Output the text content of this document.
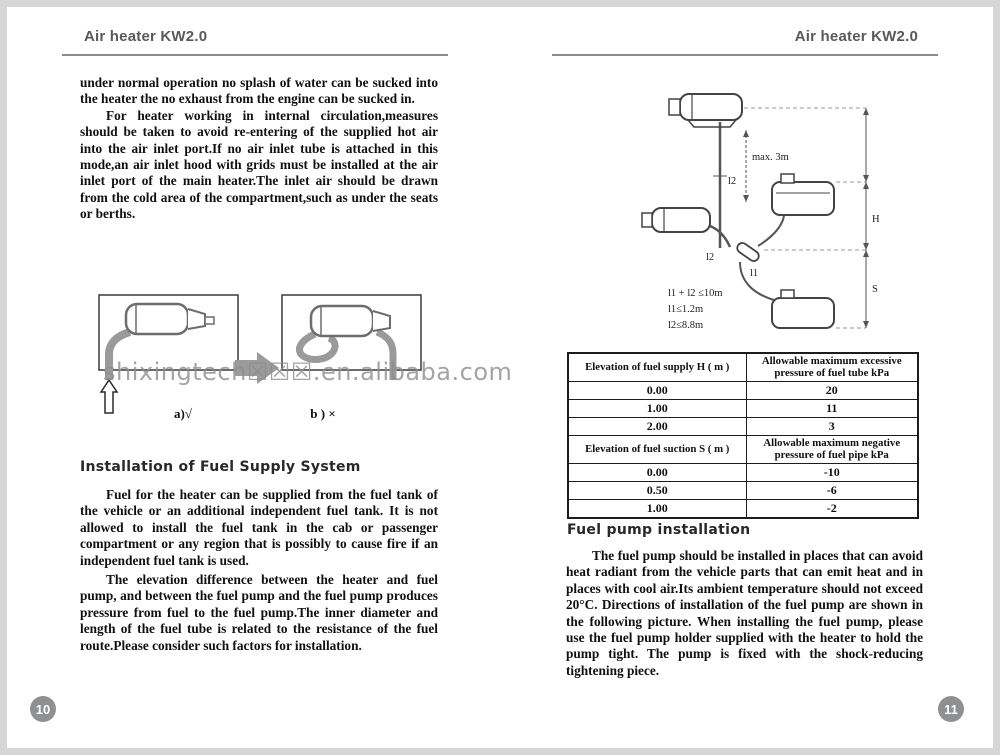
Air heater KW2.0

under normal operation no splash of water can be sucked into the heater the no exhaust from the engine can be sucked in.

For heater working in internal circulation,measures should be taken to avoid re-entering of the supplied hot air into the air inlet port.If no air inlet tube is attached in this mode,an air inlet hood with grids must be installed at the air inlet port of the main heater.The inlet air should be drawn from the cold area of the compartment,such as under the seats or berths.

a)√	b ) ×
shixingtech☒☒☒.en.alibaba.com
Installation of Fuel Supply System

Fuel for the heater can be supplied from the fuel tank of the vehicle or an additional independent fuel tank. It is not allowed to install the fuel tank in the cab or passenger compartment or any region that is possibly to cause fire if an independent fuel tank is used.

The elevation difference between the heater and fuel pump, and between the fuel pump and the fuel pump produces pressure from fuel to the fuel pump.The inner diameter and length of the fuel tube is related to the resistance of the fuel route.Please consider such factors for installation.

10
Air heater KW2.0
max. 3m
l2
l2
l1
H
S
l1 + l2 ≤10m
l1≤1.2m
l2≤8.8m
Elevation of fuel supply H ( m )	Allowable maximum excessive pressure of fuel tube kPa
0.00	20
1.00	11
2.00	3
Elevation of fuel suction S ( m )	Allowable maximum negative pressure of fuel pipe kPa
0.00	-10
0.50	-6
1.00	-2
Fuel pump installation

The fuel pump should be installed in places that can avoid heat radiant from the vehicle parts that can emit heat and in places with cool air.Its ambient temperature should not exceed 20°C. Directions of installation of the fuel pump are shown in the following picture. When installing the fuel pump, please use the fuel pump holder supplied with the heater to hold the pump tight. The pump is fixed with the shock-reducing tightening piece.

11
